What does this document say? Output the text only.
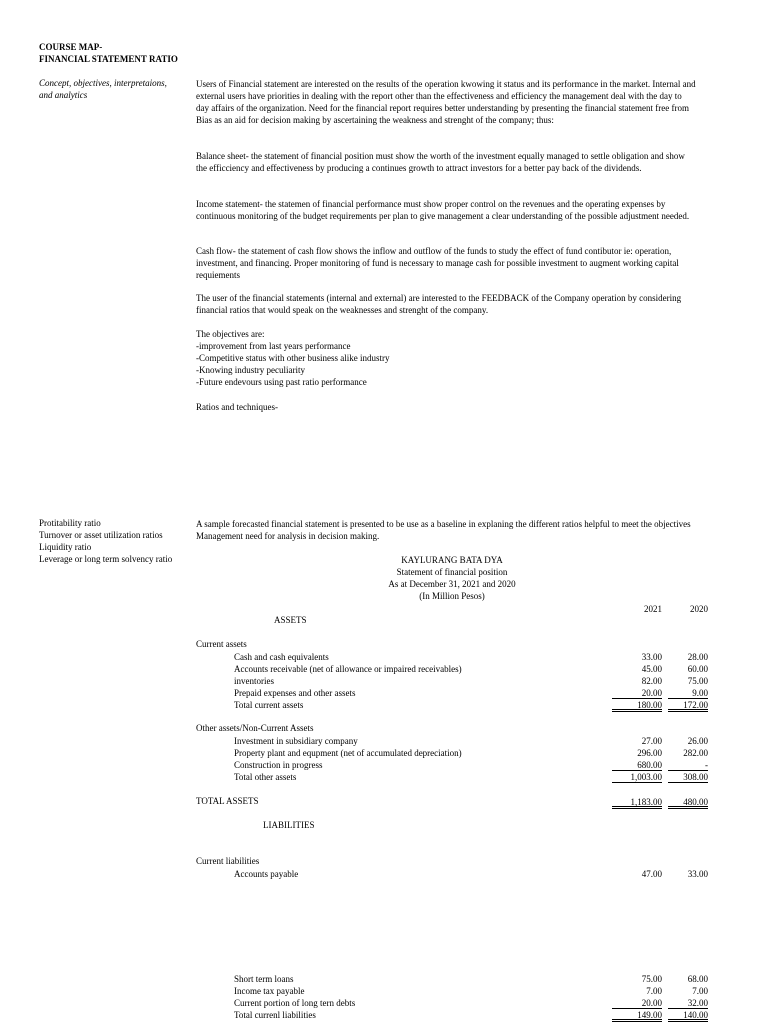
COURSE MAP-
FINANCIAL STATEMENT RATIO
Concept, objectives, interpretaions,
and analytics
Users of Financial statement are interested on the results of the operation kwowing it status and its performance in the market. Internal and external users have priorities in dealing with the report other than the effectiveness and efficiency the management deal with the day to day affairs of the organization. Need for the financial report requires better understanding by presenting the financial statement free from Bias as an aid for decision making by ascertaining the weakness and strenght of the company; thus:
Balance sheet- the statement of financial position must show the worth of the investment equally managed to settle obligation and show the efficciency and effectiveness by producing a continues growth to attract investors for a better pay back of the dividends.
Income statement- the statemen of financial performance must show proper control on the revenues and the operating expenses by continuous monitoring of the budget requirements per plan to give management a clear understanding of the possible adjustment needed.
Cash flow- the statement of cash flow shows the inflow and outflow of the funds to study the effect of fund contibutor ie: operation, investment, and financing. Proper monitoring of fund is necessary to manage cash for possible investment to augment working capital requiements
The user of the financial statements (internal and external) are interested to the FEEDBACK of the Company operation by considering financial ratios that would speak on the weaknesses and strenght of the company.
The objectives are:
-improvement from last years performance
-Competitive status with other business alike industry
-Knowing industry peculiarity
-Future endevours using past ratio performance
Ratios and techniques-
Protitability ratio
Turnover or asset utilization ratios
Liquidity ratio
Leverage or long term solvency ratio
A sample forecasted financial statement is presented to be use as a baseline in explaning the different ratios helpful to meet the objectives Management need for analysis in decision making.
KAYLURANG BATA DYA
Statement of financial position
As at December 31, 2021 and 2020
(In Million Pesos)
2021	2020
ASSETS
Current assets
Cash and cash equivalents	33.00	28.00
Accounts receivable (net of allowance or impaired receivables)	45.00	60.00
inventories	82.00	75.00
Prepaid expenses and other assets	20.00	9.00
Total current assets	180.00	172.00
Other assets/Non-Current Assets
Investment in subsidiary company	27.00	26.00
Property plant and equpment (net of accumulated depreciation)	296.00	282.00
Construction in progress	680.00	-
Total other assets	1,003.00	308.00
TOTAL ASSETS	1,183.00	480.00
LIABILITIES
Current liabilities
Accounts payable	47.00	33.00
Short term loans	75.00	68.00
Income tax payable	7.00	7.00
Current portion of long tern debts	20.00	32.00
Total currenl liabilities	149.00	140.00
